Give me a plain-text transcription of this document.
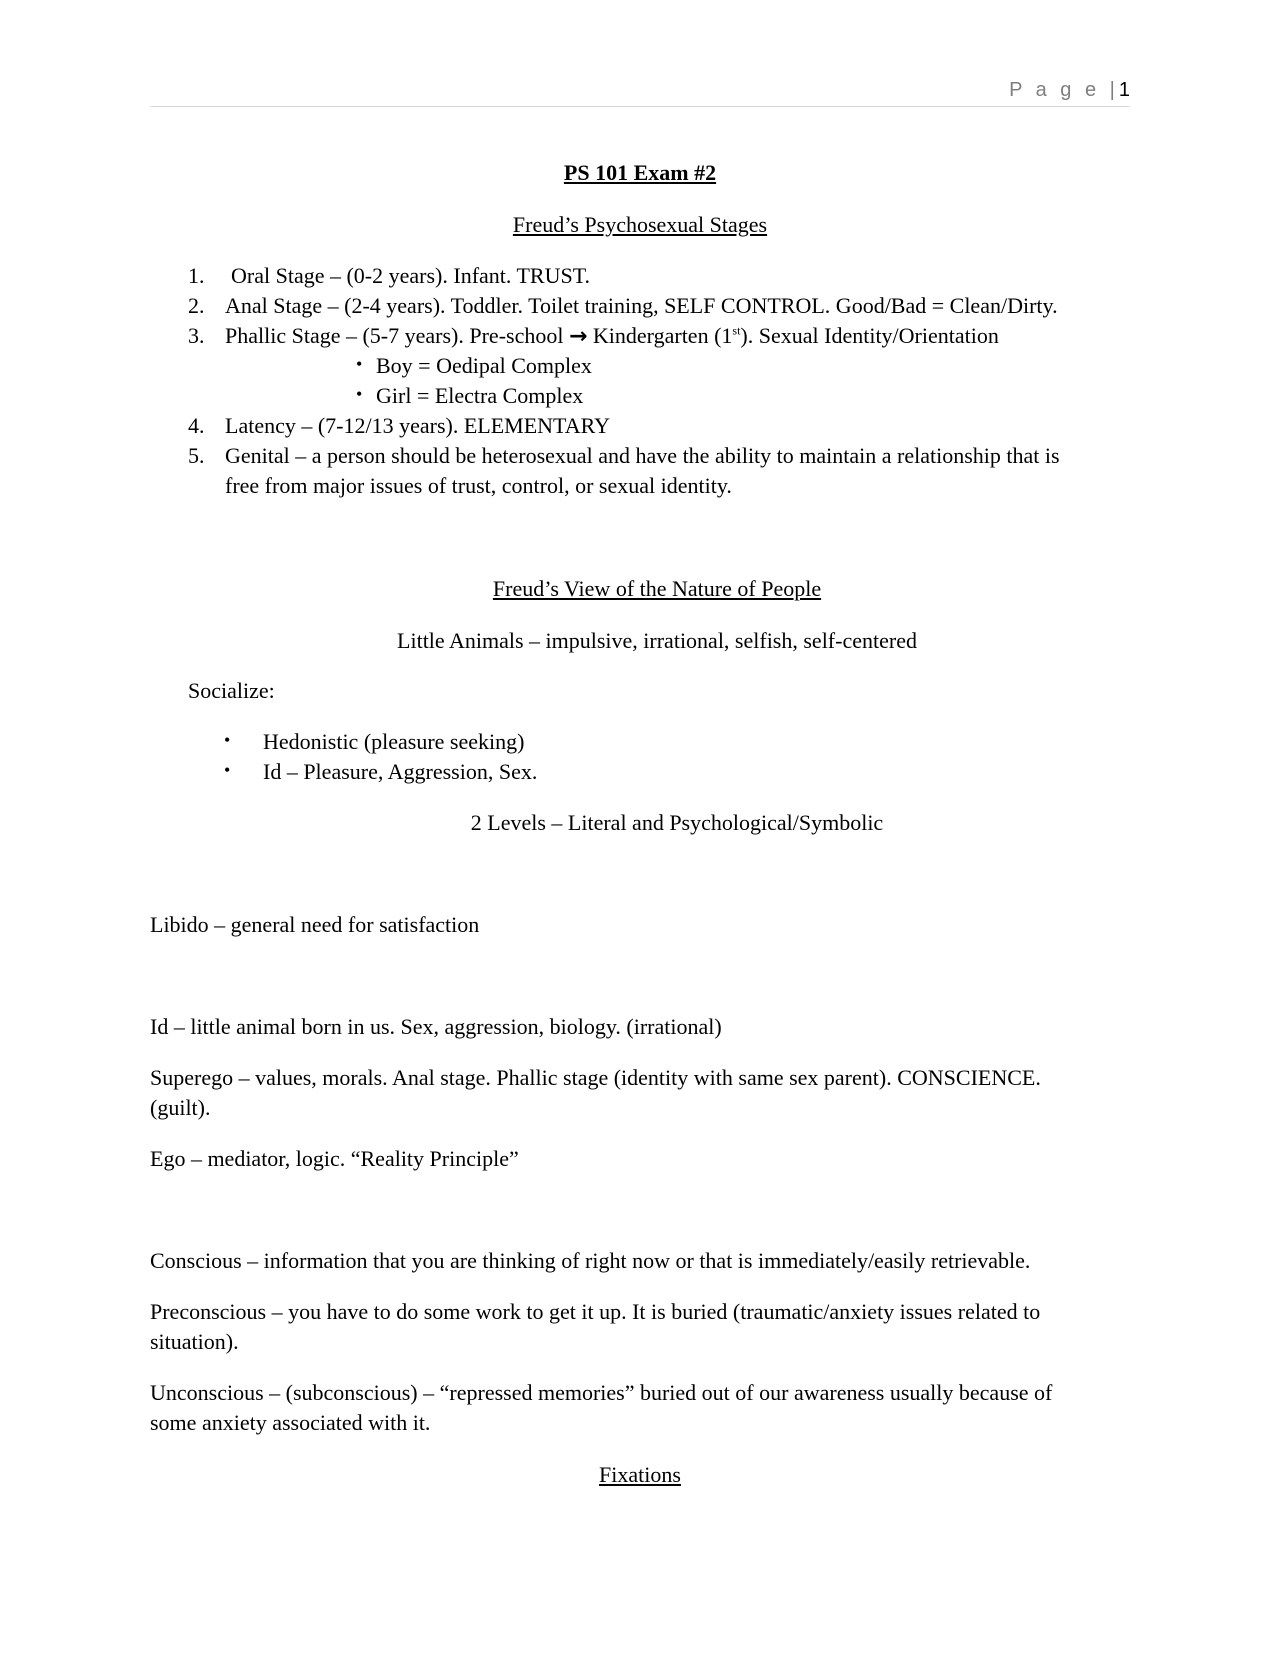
P a g e |1
PS 101 Exam #2
Freud’s Psychosexual Stages
1. Oral Stage – (0-2 years). Infant. TRUST.
2. Anal Stage – (2-4 years). Toddler. Toilet training, SELF CONTROL. Good/Bad = Clean/Dirty.
3. Phallic Stage – (5-7 years). Pre-school → Kindergarten (1st). Sexual Identity/Orientation
• Boy = Oedipal Complex
• Girl = Electra Complex
4. Latency – (7-12/13 years). ELEMENTARY
5. Genital – a person should be heterosexual and have the ability to maintain a relationship that is
free from major issues of trust, control, or sexual identity.
Freud’s View of the Nature of People
Little Animals – impulsive, irrational, selfish, self-centered
Socialize:
• Hedonistic (pleasure seeking)
• Id – Pleasure, Aggression, Sex.
2 Levels – Literal and Psychological/Symbolic
Libido – general need for satisfaction
Id – little animal born in us. Sex, aggression, biology. (irrational)
Superego – values, morals. Anal stage. Phallic stage (identity with same sex parent). CONSCIENCE.
(guilt).
Ego – mediator, logic. “Reality Principle”
Conscious – information that you are thinking of right now or that is immediately/easily retrievable.
Preconscious – you have to do some work to get it up. It is buried (traumatic/anxiety issues related to
situation).
Unconscious – (subconscious) – “repressed memories” buried out of our awareness usually because of
some anxiety associated with it.
Fixations
